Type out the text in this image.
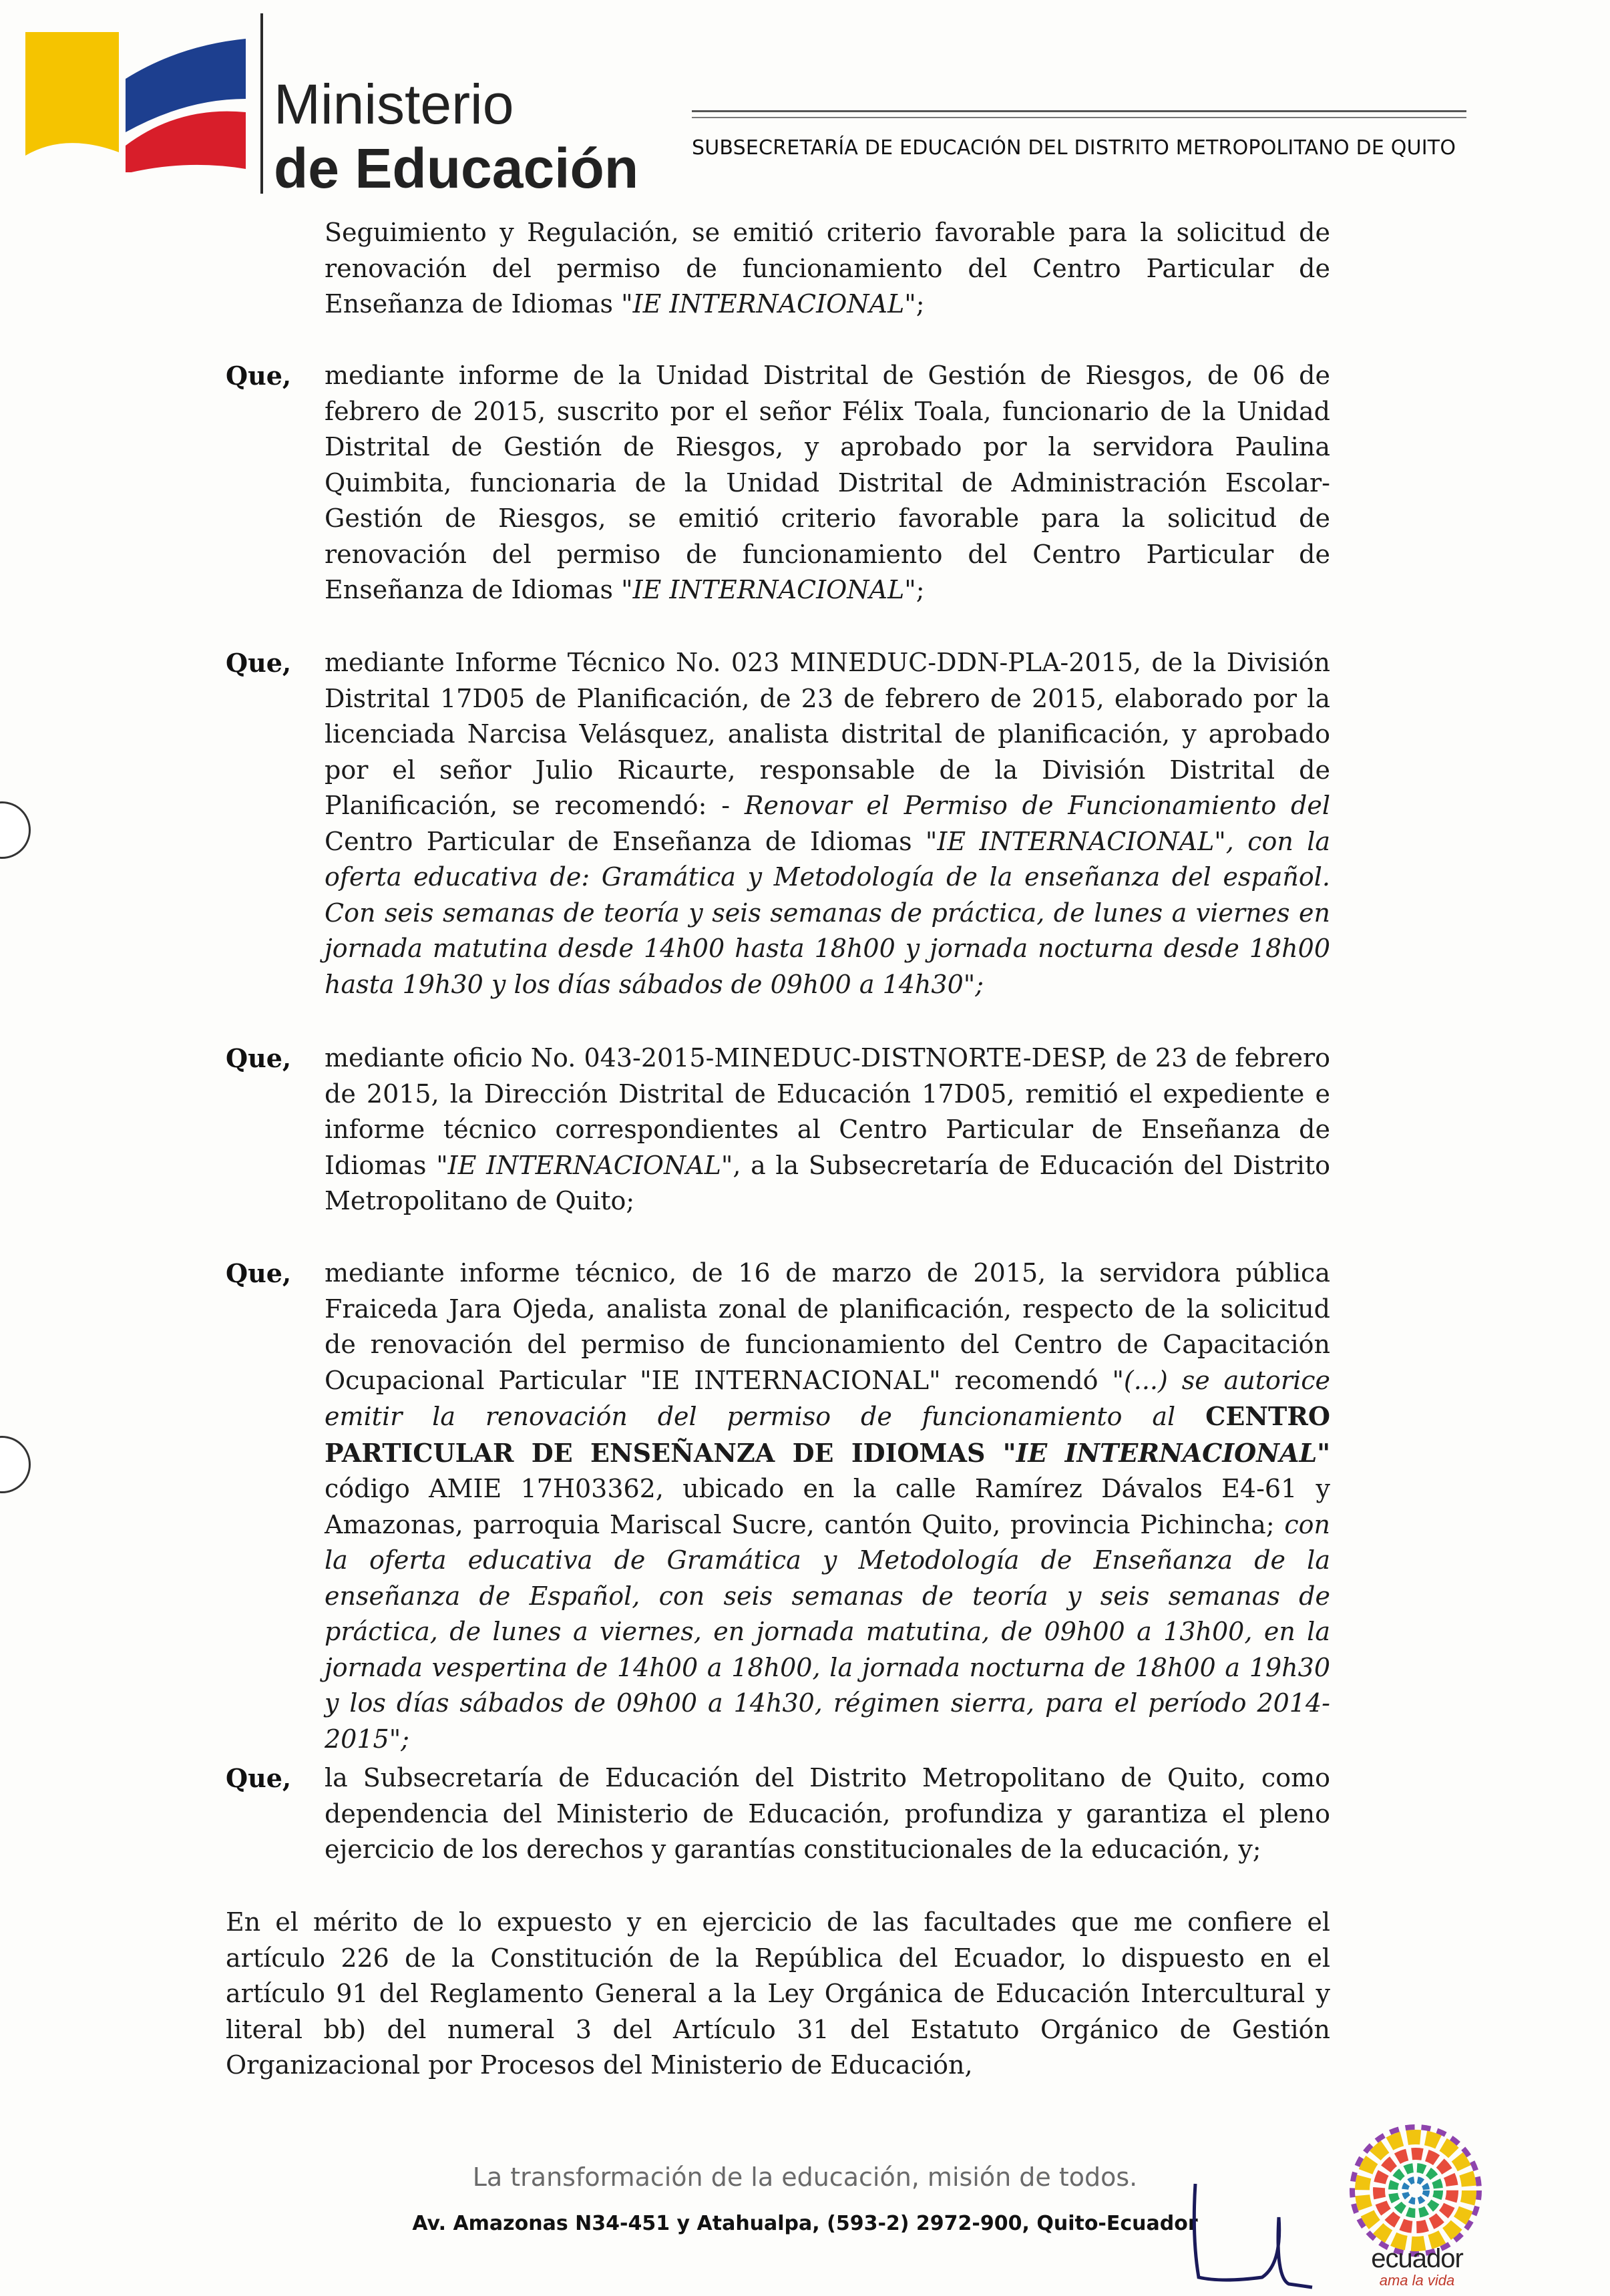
Ministerio
de Educación	SUBSECRETARÍA DE EDUCACIÓN DEL DISTRITO METROPOLITANO DE QUITO
Seguimiento y Regulación, se emitió criterio favorable para la solicitud de renovación del permiso de funcionamiento del Centro Particular de Enseñanza de Idiomas "IE INTERNACIONAL";
Que, mediante informe de la Unidad Distrital de Gestión de Riesgos, de 06 de febrero de 2015, suscrito por el señor Félix Toala, funcionario de la Unidad Distrital de Gestión de Riesgos, y aprobado por la servidora Paulina Quimbita, funcionaria de la Unidad Distrital de Administración Escolar-Gestión de Riesgos, se emitió criterio favorable para la solicitud de renovación del permiso de funcionamiento del Centro Particular de Enseñanza de Idiomas "IE INTERNACIONAL";
Que, mediante Informe Técnico No. 023 MINEDUC-DDN-PLA-2015, de la División Distrital 17D05 de Planificación, de 23 de febrero de 2015, elaborado por la licenciada Narcisa Velásquez, analista distrital de planificación, y aprobado por el señor Julio Ricaurte, responsable de la División Distrital de Planificación, se recomendó: - Renovar el Permiso de Funcionamiento del Centro Particular de Enseñanza de Idiomas "IE INTERNACIONAL", con la oferta educativa de: Gramática y Metodología de la enseñanza del español. Con seis semanas de teoría y seis semanas de práctica, de lunes a viernes en jornada matutina desde 14h00 hasta 18h00 y jornada nocturna desde 18h00 hasta 19h30 y los días sábados de 09h00 a 14h30";
Que, mediante oficio No. 043-2015-MINEDUC-DISTNORTE-DESP, de 23 de febrero de 2015, la Dirección Distrital de Educación 17D05, remitió el expediente e informe técnico correspondientes al Centro Particular de Enseñanza de Idiomas "IE INTERNACIONAL", a la Subsecretaría de Educación del Distrito Metropolitano de Quito;
Que, mediante informe técnico, de 16 de marzo de 2015, la servidora pública Fraiceda Jara Ojeda, analista zonal de planificación, respecto de la solicitud de renovación del permiso de funcionamiento del Centro de Capacitación Ocupacional Particular "IE INTERNACIONAL" recomendó "(...) se autorice emitir la renovación del permiso de funcionamiento al CENTRO PARTICULAR DE ENSEÑANZA DE IDIOMAS "IE INTERNACIONAL" código AMIE 17H03362, ubicado en la calle Ramírez Dávalos E4-61 y Amazonas, parroquia Mariscal Sucre, cantón Quito, provincia Pichincha; con la oferta educativa de Gramática y Metodología de Enseñanza de la enseñanza de Español, con seis semanas de teoría y seis semanas de práctica, de lunes a viernes, en jornada matutina, de 09h00 a 13h00, en la jornada vespertina de 14h00 a 18h00, la jornada nocturna de 18h00 a 19h30 y los días sábados de 09h00 a 14h30, régimen sierra, para el período 2014-2015";
Que, la Subsecretaría de Educación del Distrito Metropolitano de Quito, como dependencia del Ministerio de Educación, profundiza y garantiza el pleno ejercicio de los derechos y garantías constitucionales de la educación, y;
En el mérito de lo expuesto y en ejercicio de las facultades que me confiere el artículo 226 de la Constitución de la República del Ecuador, lo dispuesto en el artículo 91 del Reglamento General a la Ley Orgánica de Educación Intercultural y literal bb) del numeral 3 del Artículo 31 del Estatuto Orgánico de Gestión Organizacional por Procesos del Ministerio de Educación,
La transformación de la educación, misión de todos.
Av. Amazonas N34-451 y Atahualpa, (593-2) 2972-900, Quito-Ecuador
ecuador
ama la vida
